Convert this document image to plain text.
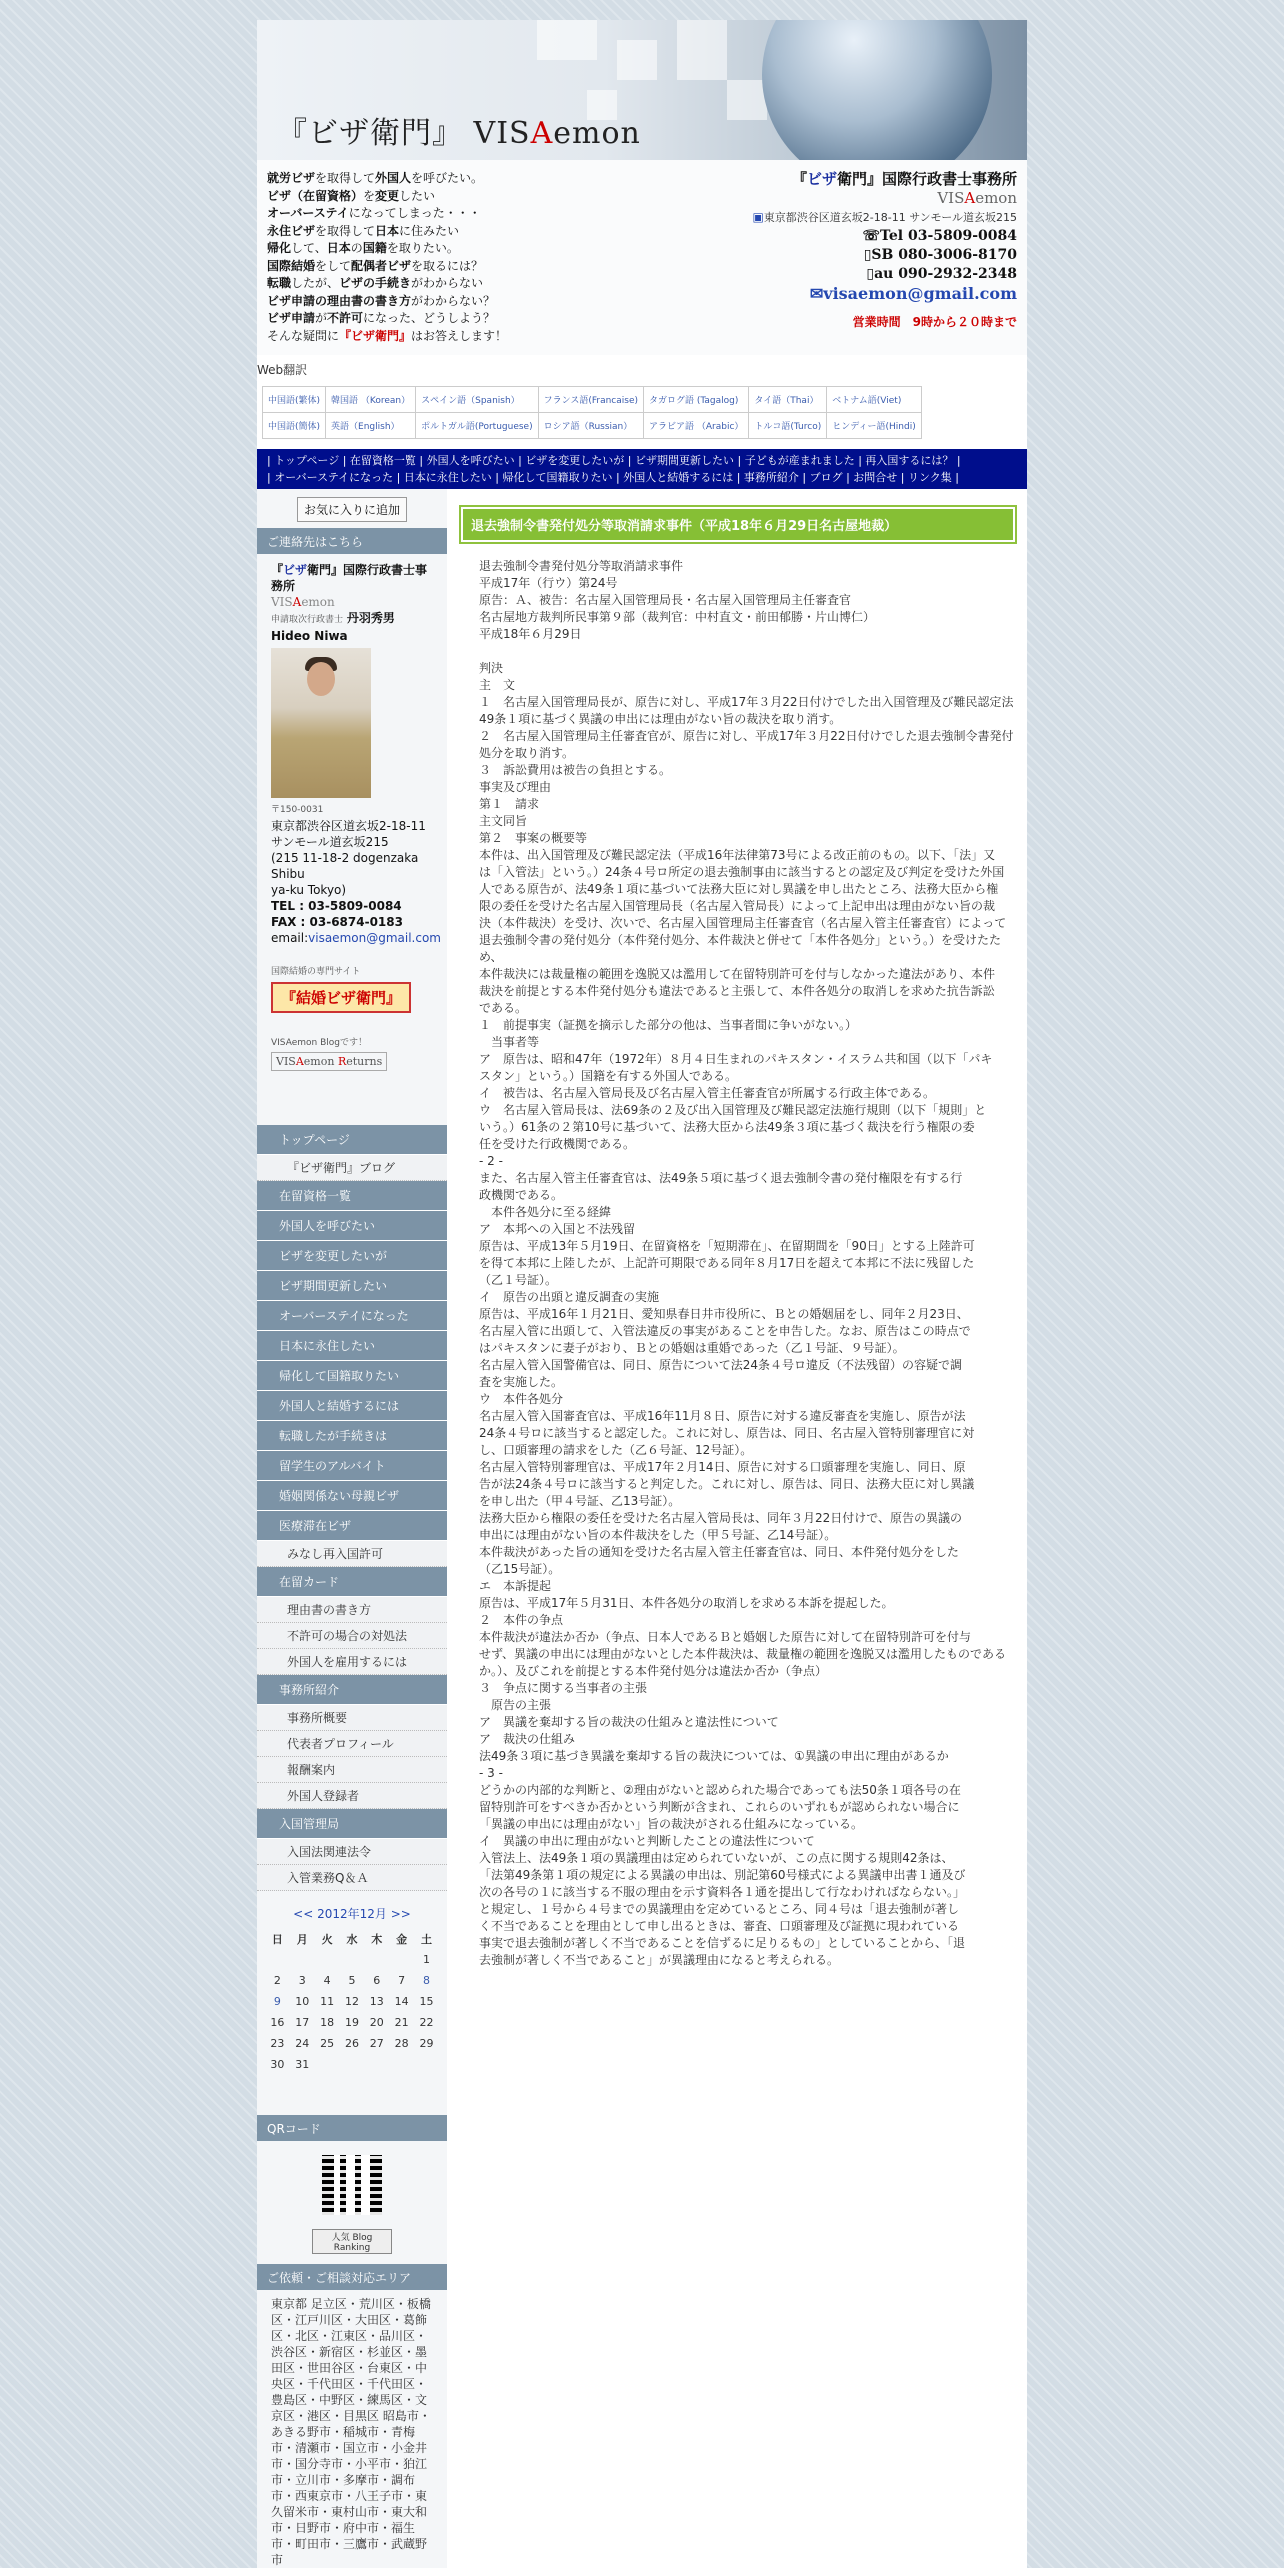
『ビザ衛門』 VISAemon
就労ビザを取得して外国人を呼びたい。
ビザ（在留資格）を変更したい
オーバーステイになってしまった・・・
永住ビザを取得して日本に住みたい
帰化して、日本の国籍を取りたい。
国際結婚をして配偶者ビザを取るには？
転職したが、ビザの手続きがわからない
ビザ申請の理由書の書き方がわからない？
ビザ申請が不許可になった、どうしよう？
そんな疑問に『ビザ衛門』はお答えします！
『ビザ衛門』国際行政書士事務所
VISAemon
▣東京都渋谷区道玄坂2-18-11 サンモール道玄坂215
☏Tel 03-5809-0084
▯SB 080-3006-8170
▯au 090-2932-2348
✉visaemon@gmail.com
営業時間　9時から２０時まで
Web翻訳
中国語(繁体)	韓国語 （Korean）	スペイン語（Spanish）	フランス語(Francaise)	タガログ語 (Tagalog)	タイ語（Thai）	ベトナム語(Viet)
中国語(簡体)	英語（English）	ポルトガル語(Portuguese)	ロシア語（Russian）	アラビア語 （Arabic）	トルコ語(Turco)	ヒンディー語(Hindi)
| トップページ | 在留資格一覧 | 外国人を呼びたい | ビザを変更したいが | ビザ期間更新したい | 子どもが産まれました | 再入国するには？ |
| オーバーステイになった | 日本に永住したい | 帰化して国籍取りたい | 外国人と結婚するには | 事務所紹介 | ブログ | お問合せ | リンク集 |
お気に入りに追加
ご連絡先はこちら
『ビザ衛門』国際行政書士事務所
VISAemon
申請取次行政書士 丹羽秀男
Hideo Niwa
〒150-0031
東京都渋谷区道玄坂2-18-11
サンモール道玄坂215
(215 11-18-2 dogenzaka Shibu
ya-ku Tokyo)
TEL : 03-5809-0084
FAX : 03-6874-0183
email:visaemon@gmail.com
国際結婚の専門サイト
『結婚ビザ衛門』
VISAemon Blogです！
VISAemon Returns
トップページ
『ビザ衛門』ブログ
在留資格一覧
外国人を呼びたい
ビザを変更したいが
ビザ期間更新したい
オーバーステイになった
日本に永住したい
帰化して国籍取りたい
外国人と結婚するには
転職したが手続きは
留学生のアルバイト
婚姻関係ない母親ビザ
医療滞在ビザ
みなし再入国許可
在留カード
理由書の書き方
不許可の場合の対処法
外国人を雇用するには
事務所紹介
事務所概要
代表者プロフィール
報酬案内
外国人登録者
入国管理局
入国法関連法令
入管業務Q＆Ａ
<< 2012年12月 >>
日	月	火	水	木	金	土
						1
2	3	4	5	6	7	8
9	10	11	12	13	14	15
16	17	18	19	20	21	22
23	24	25	26	27	28	29
30	31					
QRコード
人気 Blog Ranking
ご依頼・ご相談対応エリア
東京都 足立区・荒川区・板橋区・江戸川区・大田区・葛飾区・北区・江東区・品川区・渋谷区・新宿区・杉並区・墨田区・世田谷区・台東区・中央区・千代田区・千代田区・豊島区・中野区・練馬区・文京区・港区・目黒区 昭島市・あきる野市・稲城市・青梅市・清瀬市・国立市・小金井市・国分寺市・小平市・狛江市・立川市・多摩市・調布市・西東京市・八王子市・東久留米市・東村山市・東大和市・日野市・府中市・福生市・町田市・三鷹市・武蔵野市
退去強制令書発付処分等取消請求事件（平成18年６月29日名古屋地裁）

退去強制令書発付処分等取消請求事件
平成17年（行ウ）第24号
原告：Ａ、被告：名古屋入国管理局長・名古屋入国管理局主任審査官
名古屋地方裁判所民事第９部（裁判官：中村直文・前田郁勝・片山博仁）
平成18年６月29日

判決
主　文
１　名古屋入国管理局長が、原告に対し、平成17年３月22日付けでした出入国管理及び難民認定法
49条１項に基づく異議の申出には理由がない旨の裁決を取り消す。
２　名古屋入国管理局主任審査官が、原告に対し、平成17年３月22日付けでした退去強制令書発付
処分を取り消す。
３　訴訟費用は被告の負担とする。
事実及び理由
第１　請求
主文同旨
第２　事案の概要等
本件は、出入国管理及び難民認定法（平成16年法律第73号による改正前のもの。以下、「法」又
は「入管法」という。）24条４号ロ所定の退去強制事由に該当するとの認定及び判定を受けた外国
人である原告が、法49条１項に基づいて法務大臣に対し異議を申し出たところ、法務大臣から権
限の委任を受けた名古屋入国管理局長（名古屋入管局長）によって上記申出は理由がない旨の裁
決（本件裁決）を受け、次いで、名古屋入国管理局主任審査官（名古屋入管主任審査官）によって
退去強制令書の発付処分（本件発付処分、本件裁決と併せて「本件各処分」という。）を受けたため、
本件裁決には裁量権の範囲を逸脱又は濫用して在留特別許可を付与しなかった違法があり、本件
裁決を前提とする本件発付処分も違法であると主張して、本件各処分の取消しを求めた抗告訴訟
である。
１　前提事実（証拠を摘示した部分の他は、当事者間に争いがない。）
　当事者等
ア　原告は、昭和47年（1972年）８月４日生まれのパキスタン・イスラム共和国（以下「パキ
スタン」という。）国籍を有する外国人である。
イ　被告は、名古屋入管局長及び名古屋入管主任審査官が所属する行政主体である。
ウ　名古屋入管局長は、法69条の２及び出入国管理及び難民認定法施行規則（以下「規則」と
いう。）61条の２第10号に基づいて、法務大臣から法49条３項に基づく裁決を行う権限の委
任を受けた行政機関である。
- 2 -
また、名古屋入管主任審査官は、法49条５項に基づく退去強制令書の発付権限を有する行
政機関である。
　本件各処分に至る経緯
ア　本邦への入国と不法残留
原告は、平成13年５月19日、在留資格を「短期滞在」、在留期間を「90日」とする上陸許可
を得て本邦に上陸したが、上記許可期限である同年８月17日を超えて本邦に不法に残留した
（乙１号証）。
イ　原告の出頭と違反調査の実施
原告は、平成16年１月21日、愛知県春日井市役所に、Ｂとの婚姻届をし、同年２月23日、
名古屋入管に出頭して、入管法違反の事実があることを申告した。なお、原告はこの時点で
はパキスタンに妻子がおり、Ｂとの婚姻は重婚であった（乙１号証、９号証）。
名古屋入管入国警備官は、同日、原告について法24条４号ロ違反（不法残留）の容疑で調
査を実施した。
ウ　本件各処分
名古屋入管入国審査官は、平成16年11月８日、原告に対する違反審査を実施し、原告が法
24条４号ロに該当すると認定した。これに対し、原告は、同日、名古屋入管特別審理官に対
し、口頭審理の請求をした（乙６号証、12号証）。
名古屋入管特別審理官は、平成17年２月14日、原告に対する口頭審理を実施し、同日、原
告が法24条４号ロに該当すると判定した。これに対し、原告は、同日、法務大臣に対し異議
を申し出た（甲４号証、乙13号証）。
法務大臣から権限の委任を受けた名古屋入管局長は、同年３月22日付けで、原告の異議の
申出には理由がない旨の本件裁決をした（甲５号証、乙14号証）。
本件裁決があった旨の通知を受けた名古屋入管主任審査官は、同日、本件発付処分をした
（乙15号証）。
エ　本訴提起
原告は、平成17年５月31日、本件各処分の取消しを求める本訴を提起した。
２　本件の争点
本件裁決が違法か否か（争点、日本人であるＢと婚姻した原告に対して在留特別許可を付与
せず、異議の申出には理由がないとした本件裁決は、裁量権の範囲を逸脱又は濫用したものである
か。）、及びこれを前提とする本件発付処分は違法か否か（争点）
３　争点に関する当事者の主張
　原告の主張
ア　異議を棄却する旨の裁決の仕組みと違法性について
ア　裁決の仕組み
法49条３項に基づき異議を棄却する旨の裁決については、①異議の申出に理由があるか
- 3 -
どうかの内部的な判断と、②理由がないと認められた場合であっても法50条１項各号の在
留特別許可をすべきか否かという判断が含まれ、これらのいずれもが認められない場合に
「異議の申出には理由がない」旨の裁決がされる仕組みになっている。
イ　異議の申出に理由がないと判断したことの違法性について
入管法上、法49条１項の異議理由は定められていないが、この点に関する規則42条は、
「法第49条第１項の規定による異議の申出は、別記第60号様式による異議申出書１通及び
次の各号の１に該当する不服の理由を示す資料各１通を提出して行なわければならない。」
と規定し、１号から４号までの異議理由を定めているところ、同４号は「退去強制が著し
く不当であることを理由として申し出るときは、審査、口頭審理及び証拠に現われている
事実で退去強制が著しく不当であることを信ずるに足りるもの」としていることから、「退
去強制が著しく不当であること」が異議理由になると考えられる。
